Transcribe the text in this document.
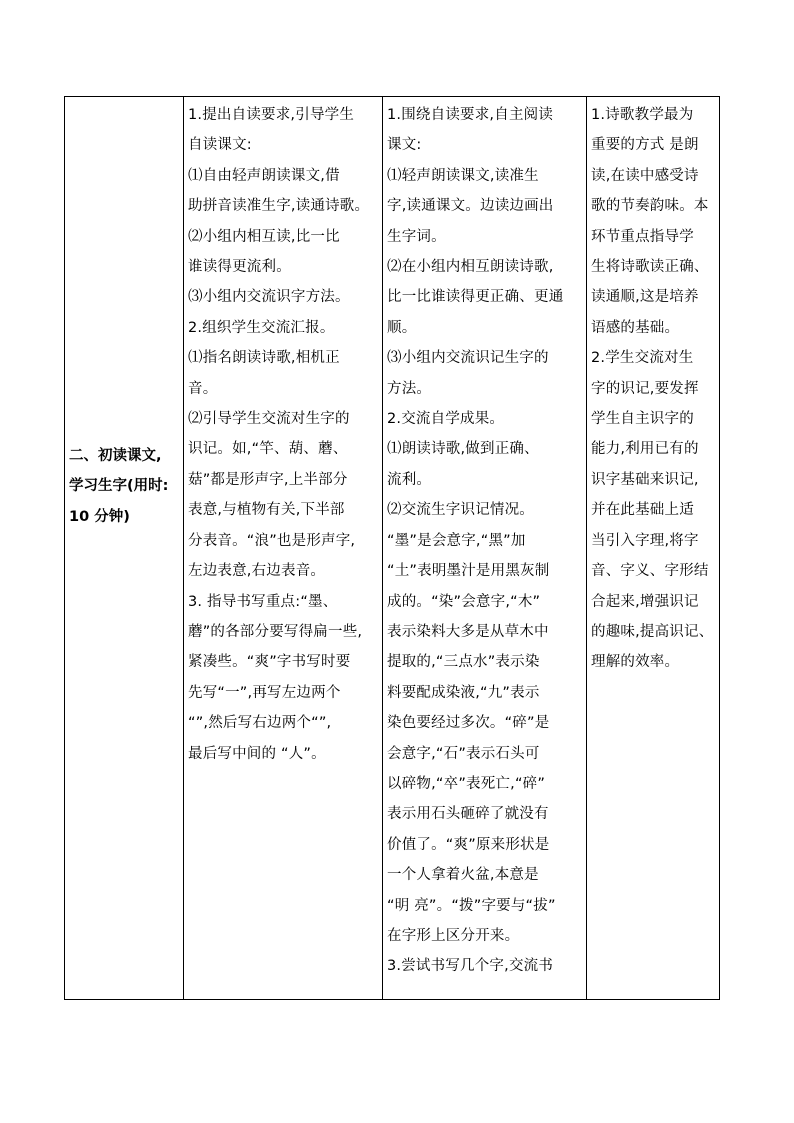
二、初读课文,

学习生字(用时:

10 分钟)

1.提出自读要求,引导学生

自读课文:

⑴自由轻声朗读课文,借

助拼音读准生字,读通诗歌。

⑵小组内相互读,比一比

谁读得更流利。

⑶小组内交流识字方法。

2.组织学生交流汇报。

⑴指名朗读诗歌,相机正

音。

⑵引导学生交流对生字的

识记。如,“竿、葫、蘑、

菇”都是形声字,上半部分

表意,与植物有关,下半部

分表音。“浪”也是形声字,

左边表意,右边表音。

3. 指导书写重点:“墨、

蘑”的各部分要写得扁一些,

紧凑些。“爽”字书写时要

先写“一”,再写左边两个

“”,然后写右边两个“”,

最后写中间的 “人”。

1.围绕自读要求,自主阅读

课文:

⑴轻声朗读课文,读准生

字,读通课文。边读边画出

生字词。

⑵在小组内相互朗读诗歌,

比一比谁读得更正确、更通

顺。

⑶小组内交流识记生字的

方法。

2.交流自学成果。

⑴朗读诗歌,做到正确、

流利。

⑵交流生字识记情况。

“墨”是会意字,“黑”加

“土”表明墨汁是用黑灰制

成的。“染”会意字,“木”

表示染料大多是从草木中

提取的,“三点水”表示染

料要配成染液,“九”表示

染色要经过多次。“碎”是

会意字,“石”表示石头可

以碎物,“卒”表死亡,“碎”

表示用石头砸碎了就没有

价值了。“爽”原来形状是

一个人拿着火盆,本意是

“明 亮”。“拨”字要与“拔”

在字形上区分开来。

3.尝试书写几个字,交流书

1.诗歌教学最为

重要的方式 是朗

读,在读中感受诗

歌的节奏韵味。本

环节重点指导学

生将诗歌读正确、

读通顺,这是培养

语感的基础。

2.学生交流对生

字的识记,要发挥

学生自主识字的

能力,利用已有的

识字基础来识记,

并在此基础上适

当引入字理,将字

音、字义、字形结

合起来,增强识记

的趣味,提高识记、

理解的效率。
